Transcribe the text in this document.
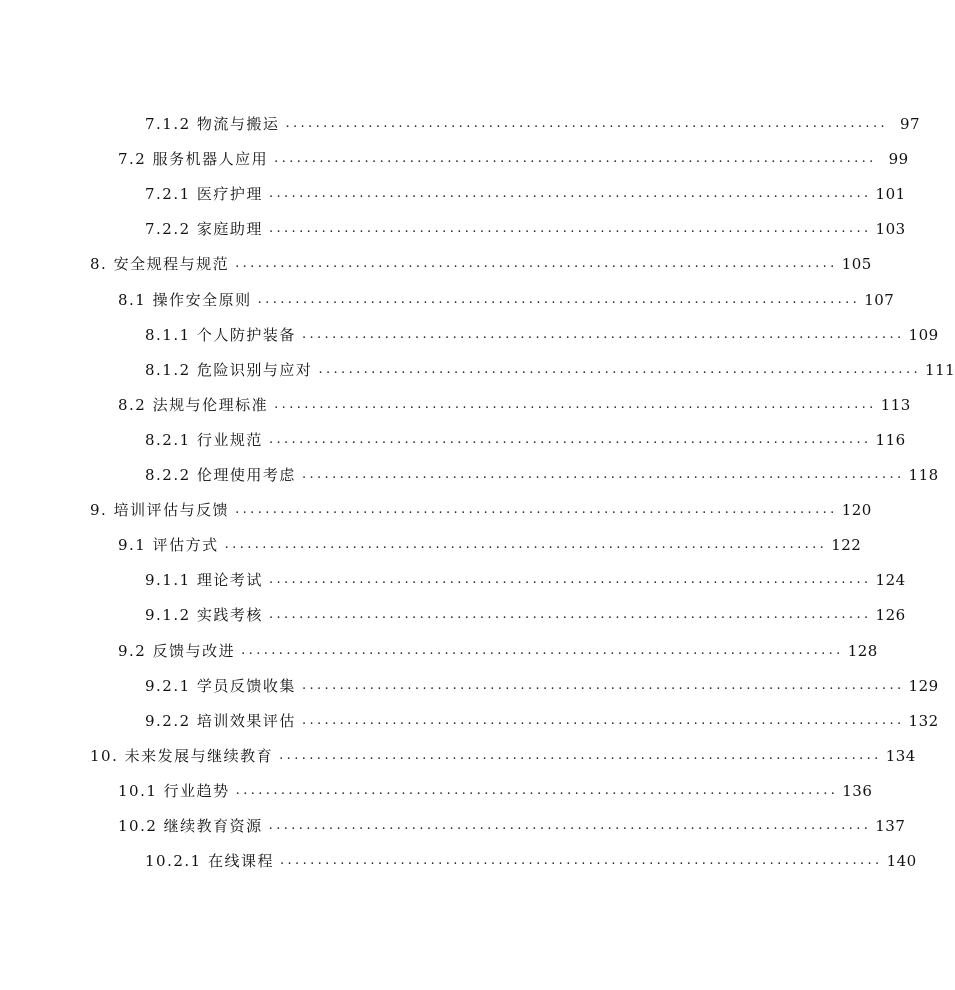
7.1.2 物流与搬运 ................................................................................ 97
7.2 服务机器人应用 ................................................................................ 99
7.2.1 医疗护理 ................................................................................ 101
7.2.2 家庭助理 ................................................................................ 103
8. 安全规程与规范 ................................................................................ 105
8.1 操作安全原则 ................................................................................ 107
8.1.1 个人防护装备 ................................................................................ 109
8.1.2 危险识别与应对 ................................................................................ 111
8.2 法规与伦理标准 ................................................................................ 113
8.2.1 行业规范 ................................................................................ 116
8.2.2 伦理使用考虑 ................................................................................ 118
9. 培训评估与反馈 ................................................................................ 120
9.1 评估方式 ................................................................................ 122
9.1.1 理论考试 ................................................................................ 124
9.1.2 实践考核 ................................................................................ 126
9.2 反馈与改进 ................................................................................ 128
9.2.1 学员反馈收集 ................................................................................ 129
9.2.2 培训效果评估 ................................................................................ 132
10. 未来发展与继续教育 ................................................................................ 134
10.1 行业趋势 ................................................................................ 136
10.2 继续教育资源 ................................................................................ 137
10.2.1 在线课程 ................................................................................ 140
